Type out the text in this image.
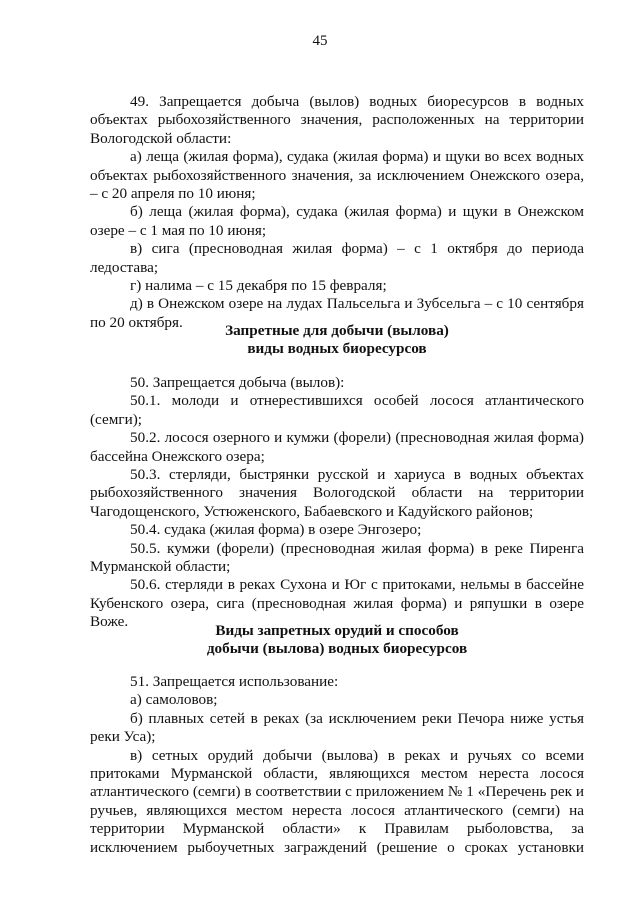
45

49. Запрещается добыча (вылов) водных биоресурсов в водных объектах рыбохозяйственного значения, расположенных на территории Вологодской области:

а) леща (жилая форма), судака (жилая форма) и щуки во всех водных объектах рыбохозяйственного значения, за исключением Онежского озера, – с 20 апреля по 10 июня;

б) леща (жилая форма), судака (жилая форма) и щуки в Онежском озере – с 1 мая по 10 июня;

в) сига (пресноводная жилая форма) – с 1 октября до периода ледостава;

г) налима – с 15 декабря по 15 февраля;

д) в Онежском озере на лудах Пальсельга и Зубсельга – с 10 сентября по 20 октября.	Запретные для добычи (вылова)
виды водных биоресурсов

50. Запрещается добыча (вылов):

50.1. молоди и отнерестившихся особей лосося атлантического (семги);

50.2. лосося озерного и кумжи (форели) (пресноводная жилая форма) бассейна Онежского озера;

50.3. стерляди, быстрянки русской и хариуса в водных объектах рыбохозяйственного значения Вологодской области на территории Чагодощенского, Устюженского, Бабаевского и Кадуйского районов;

50.4. судака (жилая форма) в озере Энгозеро;

50.5. кумжи (форели) (пресноводная жилая форма) в реке Пиренга Мурманской области;

50.6. стерляди в реках Сухона и Юг с притоками, нельмы в бассейне Кубенского озера, сига (пресноводная жилая форма) и ряпушки в озере Воже.

Виды запретных орудий и способов
добычи (вылова) водных биоресурсов

51. Запрещается использование:

а) самоловов;

б) плавных сетей в реках (за исключением реки Печора ниже устья реки Уса);

в) сетных орудий добычи (вылова) в реках и ручьях со всеми притоками Мурманской области, являющихся местом нереста лосося атлантического (семги) в соответствии с приложением № 1 «Перечень рек и ручьев, являющихся местом нереста лосося атлантического (семги) на территории Мурманской области» к Правилам рыболовства, за исключением рыбоучетных заграждений (решение о сроках установки
